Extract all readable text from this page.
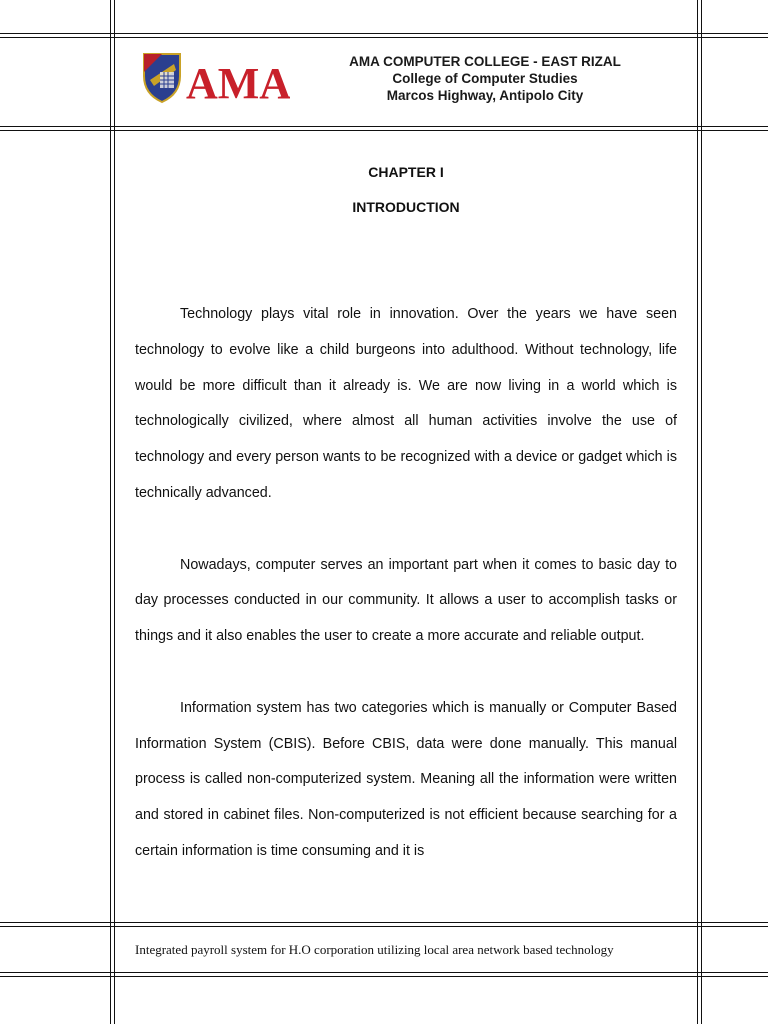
AMA	AMA COMPUTER COLLEGE - EAST RIZAL
College of Computer Studies
Marcos Highway, Antipolo City
CHAPTER I
INTRODUCTION

Technology plays vital role in innovation. Over the years we have seen technology to evolve like a child burgeons into adulthood. Without technology, life would be more difficult than it already is. We are now living in a world which is technologically civilized, where almost all human activities involve the use of technology and every person wants to be recognized with a device or gadget which is technically advanced.

Nowadays, computer serves an important part when it comes to basic day to day processes conducted in our community. It allows a user to accomplish tasks or things and it also enables the user to create a more accurate and reliable output.

Information system has two categories which is manually or Computer Based Information System (CBIS). Before CBIS, data were done manually. This manual process is called non-computerized system. Meaning all the information were written and stored in cabinet files. Non-computerized is not efficient because searching for a certain information is time consuming and it is

Integrated payroll system for H.O corporation utilizing local area network based technology
